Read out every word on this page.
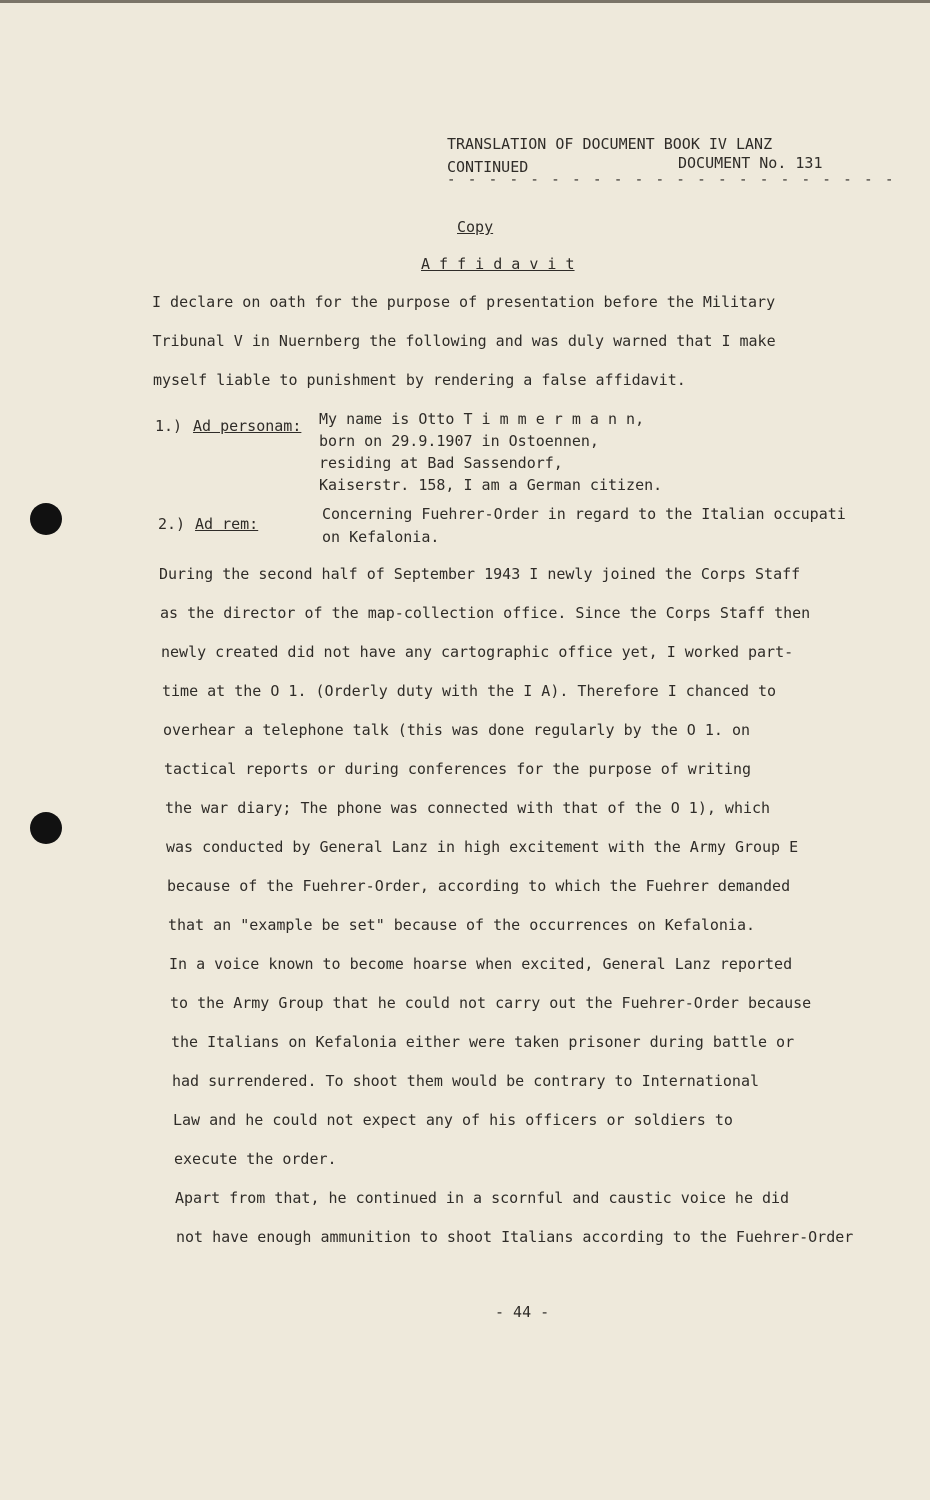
TRANSLATION OF DOCUMENT BOOK IV LANZ
CONTINUED	DOCUMENT No. 131
- - - - - - - - - - - - - - - - - - - - - -
Copy
A f f i d a v i t
I declare on oath for the purpose of presentation before the Military
Tribunal V in Nuernberg the following and was duly warned that I make
myself liable to punishment by rendering a false affidavit.
1.) Ad personam: My name is Otto T i m m e r m a n n,
born on 29.9.1907 in Ostoennen,
residing at Bad Sassendorf,
Kaiserstr. 158, I am a German citizen.
2.) Ad rem:
Concerning Fuehrer-Order in regard to the Italian occupati
on Kefalonia.
During the second half of September 1943 I newly joined the Corps Staff
as the director of the map-collection office. Since the Corps Staff then
newly created did not have any cartographic office yet, I worked part-
time at the O 1. (Orderly duty with the I A). Therefore I chanced to
overhear a telephone talk (this was done regularly by the O 1. on
tactical reports or during conferences for the purpose of writing
the war diary; The phone was connected with that of the O 1), which
was conducted by General Lanz in high excitement with the Army Group E
because of the Fuehrer-Order, according to which the Fuehrer demanded
that an "example be set" because of the occurrences on Kefalonia.
In a voice known to become hoarse when excited, General Lanz reported
to the Army Group that he could not carry out the Fuehrer-Order because
the Italians on Kefalonia either were taken prisoner during battle or
had surrendered. To shoot them would be contrary to International
Law and he could not expect any of his officers or soldiers to
execute the order.
Apart from that, he continued in a scornful and caustic voice he did
not have enough ammunition to shoot Italians according to the Fuehrer-Order
- 44 -
